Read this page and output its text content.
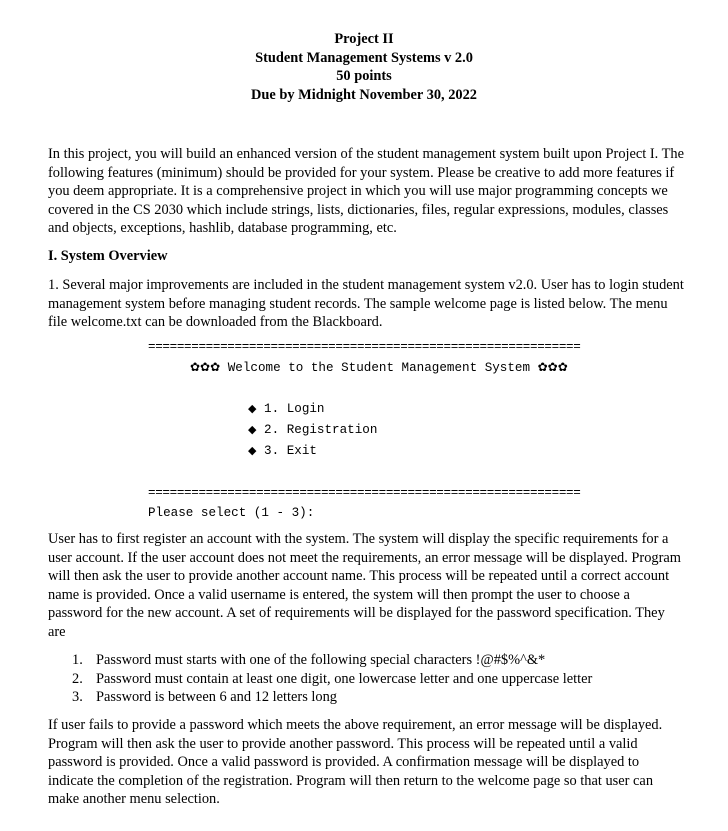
Project II
Student Management Systems v 2.0
50 points
Due by Midnight November 30, 2022

In this project, you will build an enhanced version of the student management system built upon Project I. The following features (minimum) should be provided for your system. Please be creative to add more features if you deem appropriate. It is a comprehensive project in which you will use major programming concepts we covered in the CS 2030 which include strings, lists, dictionaries, files, regular expressions, modules, classes and objects, exceptions, hashlib, database programming, etc.

I. System Overview

1. Several major improvements are included in the student management system v2.0. User has to login student management system before managing student records. The sample welcome page is listed below. The menu file welcome.txt can be downloaded from the Blackboard.

============================================================
✿✿✿ Welcome to the Student Management System ✿✿✿
◆ 1. Login
◆ 2. Registration
◆ 3. Exit
============================================================
Please select (1 - 3):

User has to first register an account with the system. The system will display the specific requirements for a user account. If the user account does not meet the requirements, an error message will be displayed. Program will then ask the user to provide another account name. This process will be repeated until a correct account name is provided. Once a valid username is entered, the system will then prompt the user to choose a password for the new account. A set of requirements will be displayed for the password specification. They are

1. Password must starts with one of the following special characters !@#$%^&*
2. Password must contain at least one digit, one lowercase letter and one uppercase letter
3. Password is between 6 and 12 letters long

If user fails to provide a password which meets the above requirement, an error message will be displayed. Program will then ask the user to provide another password. This process will be repeated until a valid password is provided. Once a valid password is provided. A confirmation message will be displayed to indicate the completion of the registration. Program will then return to the welcome page so that user can make another menu selection.
